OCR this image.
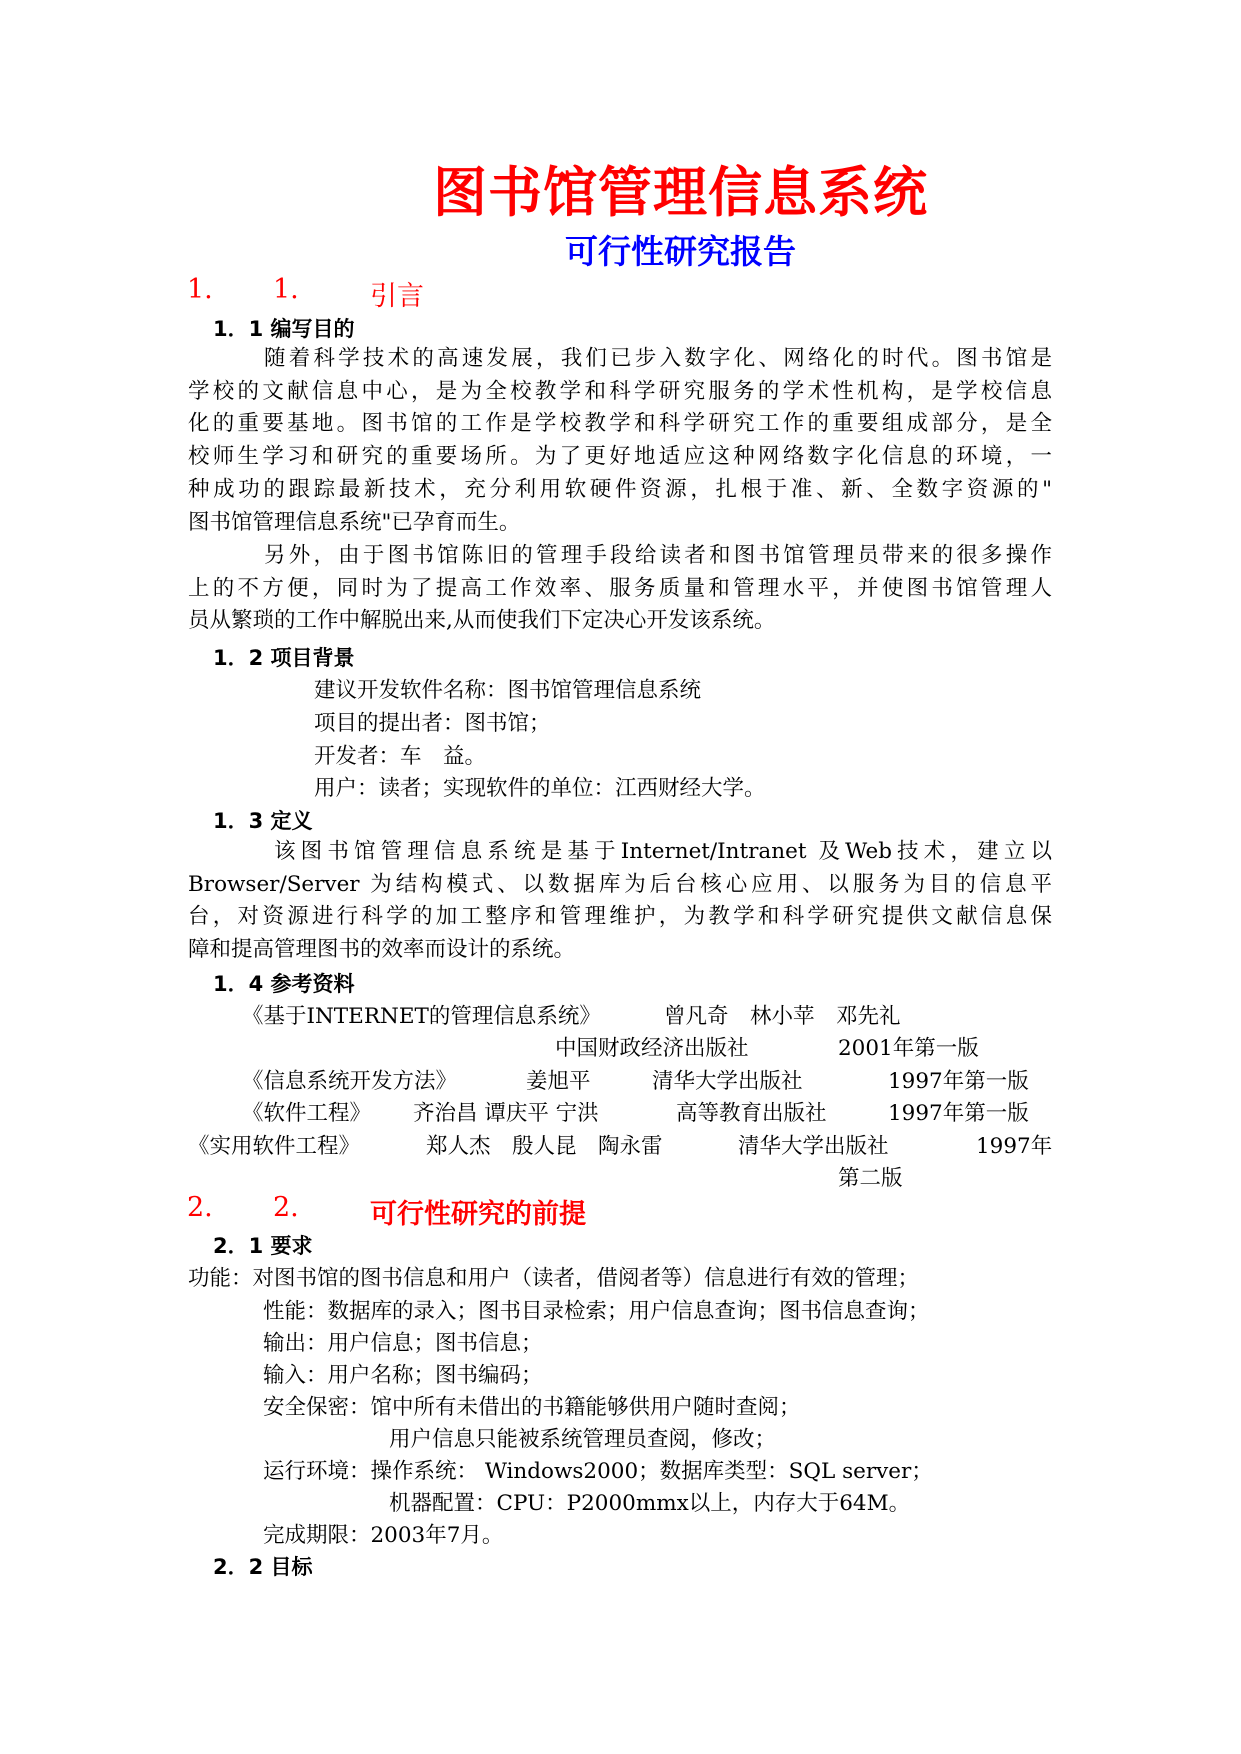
图书馆管理信息系统
可行性研究报告
1. 1.	引言
1．1 编写目的
随着科学技术的高速发展，我们已步入数字化、网络化的时代。图书馆是
学校的文献信息中心，是为全校教学和科学研究服务的学术性机构，是学校信息
化的重要基地。图书馆的工作是学校教学和科学研究工作的重要组成部分，是全
校师生学习和研究的重要场所。为了更好地适应这种网络数字化信息的环境，一
种成功的跟踪最新技术，充分利用软硬件资源，扎根于准、新、全数字资源的"
图书馆管理信息系统"已孕育而生。
另外，由于图书馆陈旧的管理手段给读者和图书馆管理员带来的很多操作
上的不方便，同时为了提高工作效率、服务质量和管理水平，并使图书馆管理人
员从繁琐的工作中解脱出来,从而使我们下定决心开发该系统。
1．2 项目背景
建议开发软件名称：图书馆管理信息系统
项目的提出者：图书馆；
开发者：车　益。
用户：读者；实现软件的单位：江西财经大学。
1．3 定义
该图书馆管理信息系统是基于Internet/Intranet 及Web技术，建立以
Browser/Server 为结构模式、以数据库为后台核心应用、以服务为目的信息平
台，对资源进行科学的加工整序和管理维护，为教学和科学研究提供文献信息保
障和提高管理图书的效率而设计的系统。
1．4 参考资料
《基于INTERNET的管理信息系统》	曾凡奇　林小苹　邓先礼
中国财政经济出版社	2001年第一版
《信息系统开发方法》	姜旭平	清华大学出版社	1997年第一版
《软件工程》 齐治昌 谭庆平 宁洪	高等教育出版社	1997年第一版
《实用软件工程》	郑人杰　殷人昆　陶永雷	清华大学出版社	1997年
第二版
2. 2.	可行性研究的前提
2．1 要求
功能：对图书馆的图书信息和用户（读者，借阅者等）信息进行有效的管理；
性能：数据库的录入；图书目录检索；用户信息查询；图书信息查询；
输出：用户信息；图书信息；
输入：用户名称；图书编码；
安全保密：馆中所有未借出的书籍能够供用户随时查阅；
用户信息只能被系统管理员查阅，修改；
运行环境：操作系统： Windows2000；数据库类型：SQL server；
机器配置：CPU：P2000mmx以上，内存大于64M。
完成期限：2003年7月。
2．2 目标
